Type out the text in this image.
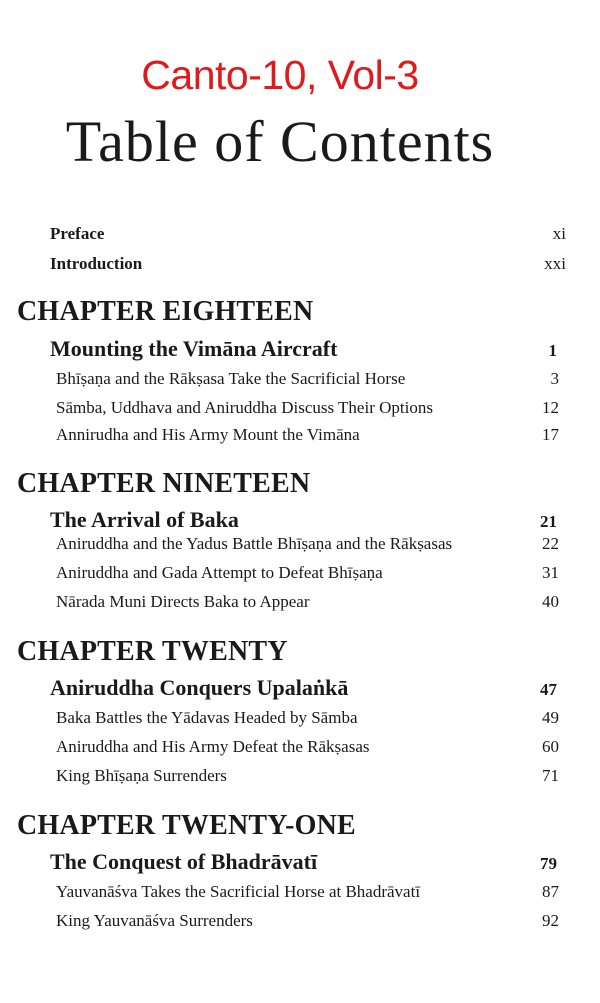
Canto-10, Vol-3
Table of Contents
Preface	xi
Introduction	xxi
CHAPTER EIGHTEEN
Mounting the Vimāna Aircraft	1
Bhīṣaṇa and the Rākṣasa Take the Sacrificial Horse	3
Sāmba, Uddhava and Aniruddha Discuss Their Options	12
Annirudha and His Army Mount the Vimāna	17
CHAPTER NINETEEN
The Arrival of Baka	21
Aniruddha and the Yadus Battle Bhīṣaṇa and the Rākṣasas	22
Aniruddha and Gada Attempt to Defeat Bhīṣaṇa	31
Nārada Muni Directs Baka to Appear	40
CHAPTER TWENTY
Aniruddha Conquers Upalaṅkā	47
Baka Battles the Yādavas Headed by Sāmba	49
Aniruddha and His Army Defeat the Rākṣasas	60
King Bhīṣaṇa Surrenders	71
CHAPTER TWENTY-ONE
The Conquest of Bhadrāvatī	79
Yauvanāśva Takes the Sacrificial Horse at Bhadrāvatī	87
King Yauvanāśva Surrenders	92
